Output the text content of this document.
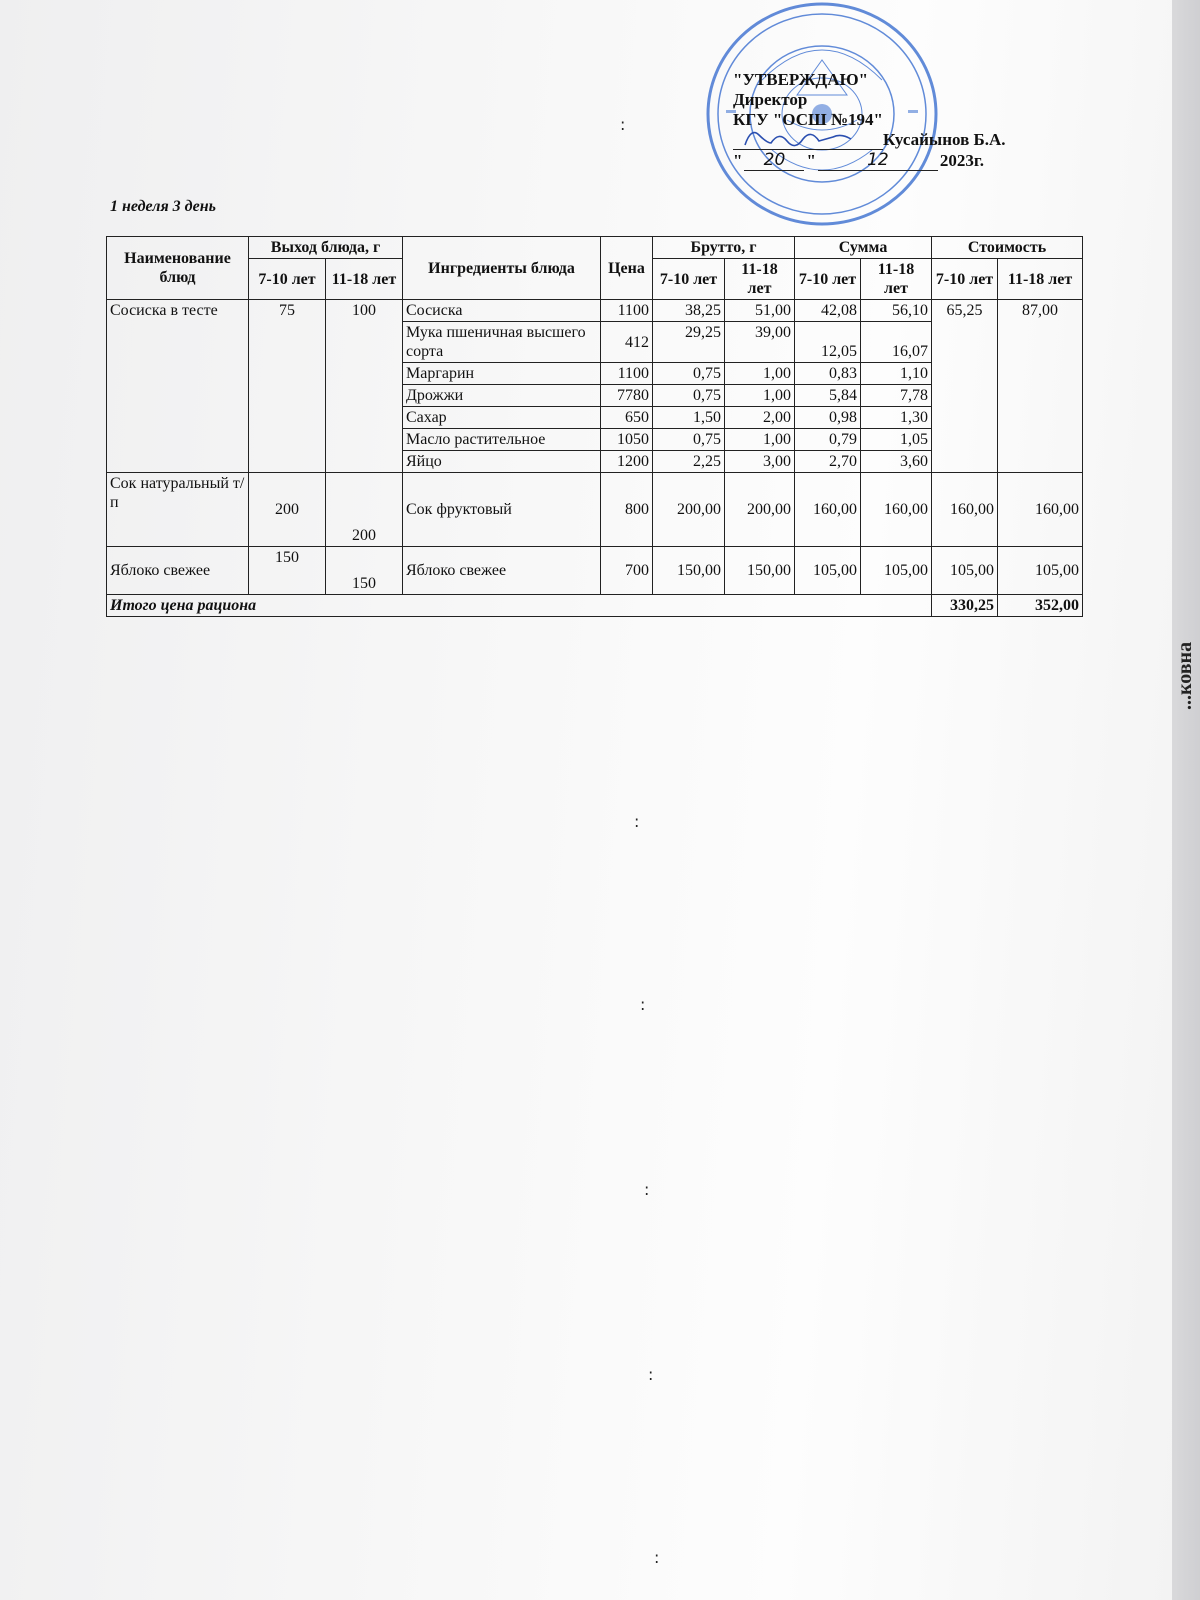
...ковна
"УТВЕРЖДАЮ"
Директор
КГУ "ОСШ №194"
Кусайынов Б.А.
"	20	"	12	2023г.
1 неделя 3 день
Наименование блюд	Выход блюда, г		Ингредиенты блюда	Цена	Брутто, г		Сумма		Стоимость	
	7-10 лет	11-18 лет			7-10 лет	11-18 лет	7-10 лет	11-18 лет	7-10 лет	11-18 лет
Сосиска в тесте	75	100	Сосиска	1100	38,25	51,00	42,08	56,10	65,25	87,00
			Мука пшеничная высшего сорта	412	29,25	39,00	12,05	16,07		
			Маргарин	1100	0,75	1,00	0,83	1,10		
			Дрожжи	7780	0,75	1,00	5,84	7,78		
			Сахар	650	1,50	2,00	0,98	1,30		
			Масло растительное	1050	0,75	1,00	0,79	1,05		
			Яйцо	1200	2,25	3,00	2,70	3,60		
Сок натуральный т/п	200	200	Сок фруктовый	800	200,00	200,00	160,00	160,00	160,00	160,00
Яблоко свежее	150	150	Яблоко свежее	700	150,00	150,00	105,00	105,00	105,00	105,00
Итого цена рациона									330,25	352,00
:
:
:
:
:
:
